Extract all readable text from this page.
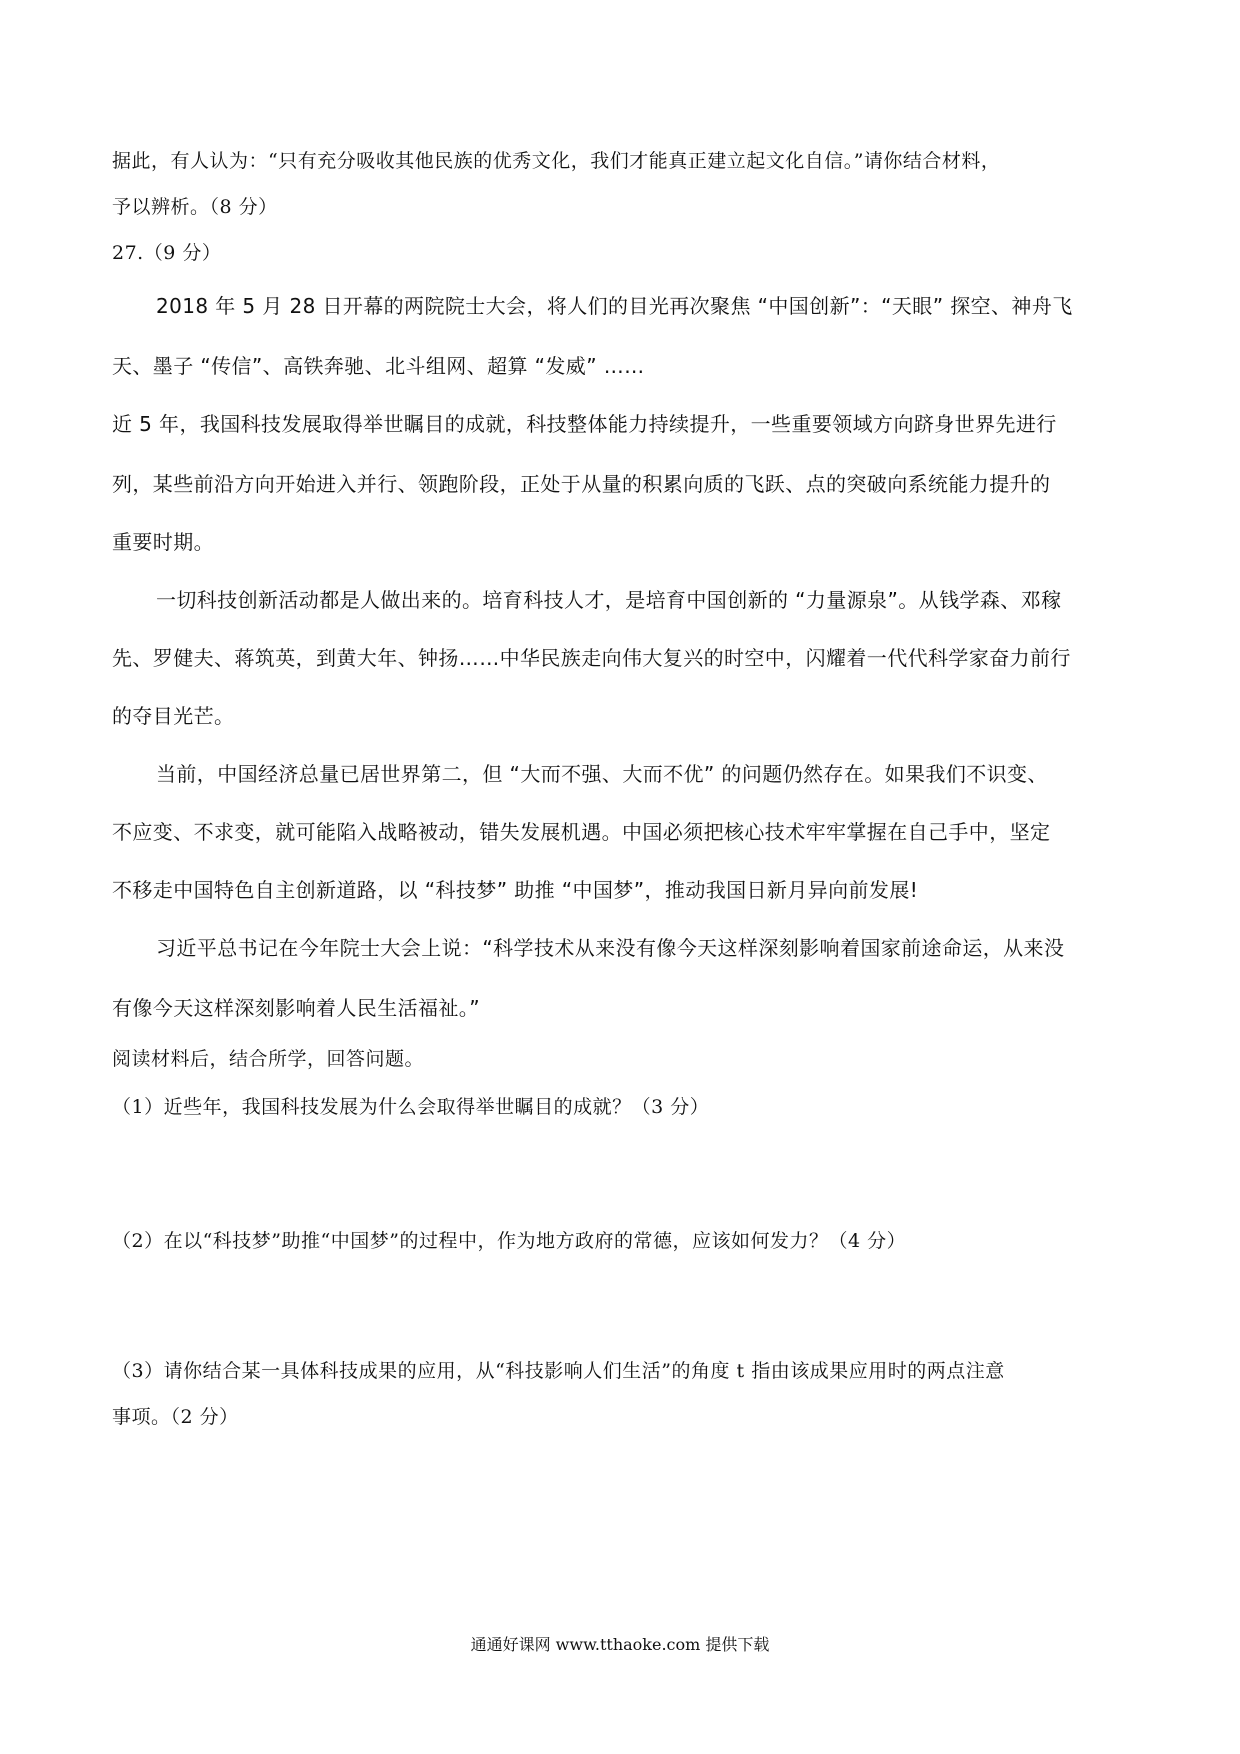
据此，有人认为：“只有充分吸收其他民族的优秀文化，我们才能真正建立起文化自信。”请你结合材料，
予以辨析。（8 分）
27.（9 分）
2018 年 5 月 28 日开幕的两院院士大会，将人们的目光再次聚焦 “中国创新”：“天眼” 探空、神舟飞
天、墨子 “传信”、高铁奔驰、北斗组网、超算 “发威” ……
近 5 年，我国科技发展取得举世瞩目的成就，科技整体能力持续提升，一些重要领域方向跻身世界先进行
列，某些前沿方向开始进入并行、领跑阶段，正处于从量的积累向质的飞跃、点的突破向系统能力提升的
重要时期。
一切科技创新活动都是人做出来的。培育科技人才，是培育中国创新的 “力量源泉”。从钱学森、邓稼
先、罗健夫、蒋筑英，到黄大年、钟扬……中华民族走向伟大复兴的时空中，闪耀着一代代科学家奋力前行
的夺目光芒。
当前，中国经济总量已居世界第二，但 “大而不强、大而不优” 的问题仍然存在。如果我们不识变、
不应变、不求变，就可能陷入战略被动，错失发展机遇。中国必须把核心技术牢牢掌握在自己手中，坚定
不移走中国特色自主创新道路，以 “科技梦” 助推 “中国梦”，推动我国日新月异向前发展!
习近平总书记在今年院士大会上说：“科学技术从来没有像今天这样深刻影响着国家前途命运，从来没
有像今天这样深刻影响着人民生活福祉。”
阅读材料后，结合所学，回答问题。
（1）近些年，我国科技发展为什么会取得举世瞩目的成就？（3 分）
（2）在以“科技梦”助推“中国梦”的过程中，作为地方政府的常德，应该如何发力？（4 分）
（3）请你结合某一具体科技成果的应用，从“科技影响人们生活”的角度 t 指由该成果应用时的两点注意
事项。（2 分）
通通好课网 www.tthaoke.com 提供下载
